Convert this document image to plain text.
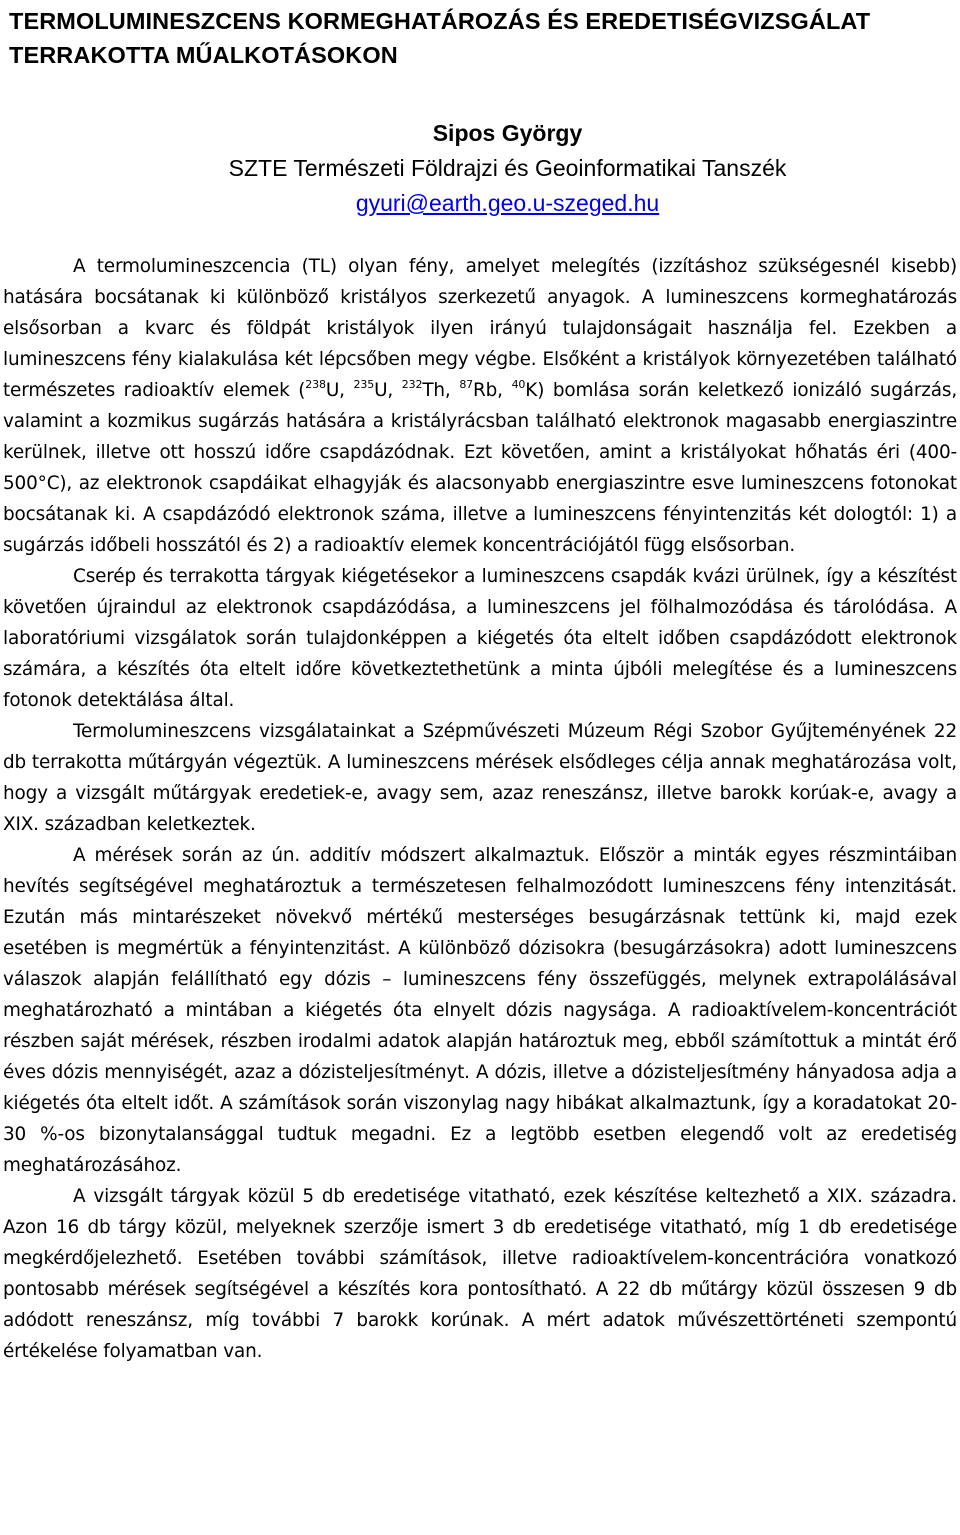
TERMOLUMINESZCENS KORMEGHATÁROZÁS ÉS EREDETISÉGVIZSGÁLAT
TERRAKOTTA MŰALKOTÁSOKON
Sipos György
SZTE Természeti Földrajzi és Geoinformatikai Tanszék
gyuri@earth.geo.u-szeged.hu

A termolumineszcencia (TL) olyan fény, amelyet melegítés (izzításhoz szükségesnél kisebb) hatására bocsátanak ki különböző kristályos szerkezetű anyagok. A lumineszcens kormeghatározás elsősorban a kvarc és földpát kristályok ilyen irányú tulajdonságait használja fel. Ezekben a lumineszcens fény kialakulása két lépcsőben megy végbe. Elsőként a kristályok környezetében található természetes radioaktív elemek ($^{238}$U, $^{235}$U, $^{232}$Th, $^{87}$Rb, $^{40}$K) bomlása során keletkező ionizáló sugárzás, valamint a kozmikus sugárzás hatására a kristályrácsban található elektronok magasabb energiaszintre kerülnek, illetve ott hosszú időre csapdázódnak. Ezt követően, amint a kristályokat hőhatás éri (400-500°C), az elektronok csapdáikat elhagyják és alacsonyabb energiaszintre esve lumineszcens fotonokat bocsátanak ki. A csapdázódó elektronok száma, illetve a lumineszcens fényintenzitás két dologtól: 1) a sugárzás időbeli hosszától és 2) a radioaktív elemek koncentrációjától függ elsősorban.

Cserép és terrakotta tárgyak kiégetésekor a lumineszcens csapdák kvázi ürülnek, így a készítést követően újraindul az elektronok csapdázódása, a lumineszcens jel fölhalmozódása és tárolódása. A laboratóriumi vizsgálatok során tulajdonképpen a kiégetés óta eltelt időben csapdázódott elektronok számára, a készítés óta eltelt időre következtethetünk a minta újbóli melegítése és a lumineszcens fotonok detektálása által.

Termolumineszcens vizsgálatainkat a Szépművészeti Múzeum Régi Szobor Gyűjteményének 22 db terrakotta műtárgyán végeztük. A lumineszcens mérések elsődleges célja annak meghatározása volt, hogy a vizsgált műtárgyak eredetiek-e, avagy sem, azaz reneszánsz, illetve barokk korúak-e, avagy a XIX. században keletkeztek.

A mérések során az ún. additív módszert alkalmaztuk. Először a minták egyes részmintáiban hevítés segítségével meghatároztuk a természetesen felhalmozódott lumineszcens fény intenzitását. Ezután más mintarészeket növekvő mértékű mesterséges besugárzásnak tettünk ki, majd ezek esetében is megmértük a fényintenzitást. A különböző dózisokra (besugárzásokra) adott lumineszcens válaszok alapján felállítható egy dózis – lumineszcens fény összefüggés, melynek extrapolálásával meghatározható a mintában a kiégetés óta elnyelt dózis nagysága. A radioaktívelem-koncentrációt részben saját mérések, részben irodalmi adatok alapján határoztuk meg, ebből számítottuk a mintát érő éves dózis mennyiségét, azaz a dózisteljesítményt. A dózis, illetve a dózisteljesítmény hányadosa adja a kiégetés óta eltelt időt. A számítások során viszonylag nagy hibákat alkalmaztunk, így a koradatokat 20-30 %-os bizonytalansággal tudtuk megadni. Ez a legtöbb esetben elegendő volt az eredetiség meghatározásához.

A vizsgált tárgyak közül 5 db eredetisége vitatható, ezek készítése keltezhető a XIX. századra. Azon 16 db tárgy közül, melyeknek szerzője ismert 3 db eredetisége vitatható, míg 1 db eredetisége megkérdőjelezhető. Esetében további számítások, illetve radioaktívelem-koncentrációra vonatkozó pontosabb mérések segítségével a készítés kora pontosítható. A 22 db műtárgy közül összesen 9 db adódott reneszánsz, míg további 7 barokk korúnak. A mért adatok művészettörténeti szempontú értékelése folyamatban van.
